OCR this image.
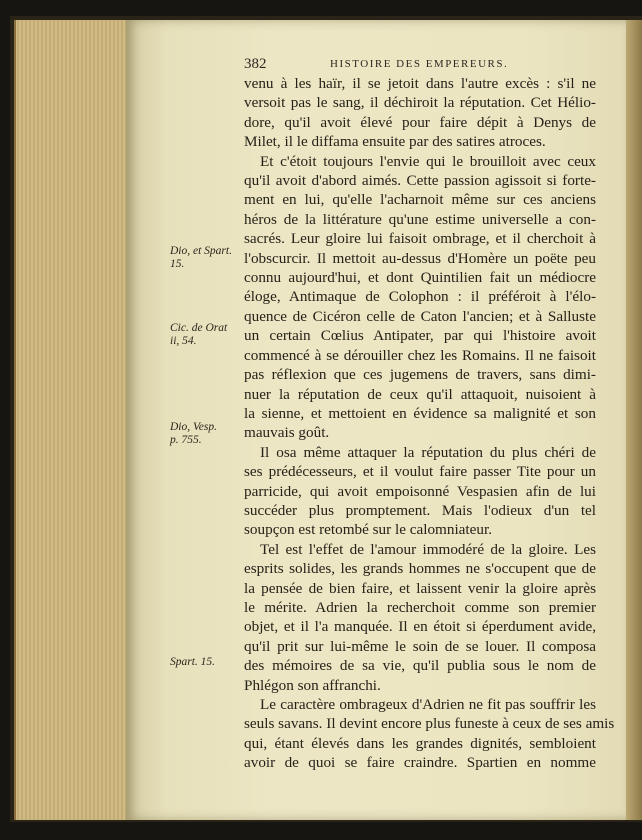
382	HISTOIRE DES EMPEREURS.
Dio, et Spart.
15.
Cic. de Orat
ii, 54.
Dio, Vesp.
p. 755.
Spart. 15.
venu à les haïr, il se jetoit dans l'autre excès : s'il ne
versoit pas le sang, il déchiroit la réputation. Cet Hélio-
dore, qu'il avoit élevé pour faire dépit à Denys de
Milet, il le diffama ensuite par des satires atroces.
Et c'étoit toujours l'envie qui le brouilloit avec ceux
qu'il avoit d'abord aimés. Cette passion agissoit si forte-
ment en lui, qu'elle l'acharnoit même sur ces anciens
héros de la littérature qu'une estime universelle a con-
sacrés. Leur gloire lui faisoit ombrage, et il cherchoit à
l'obscurcir. Il mettoit au-dessus d'Homère un poëte peu
connu aujourd'hui, et dont Quintilien fait un médiocre
éloge, Antimaque de Colophon : il préféroit à l'élo-
quence de Cicéron celle de Caton l'ancien; et à Salluste
un certain Cœlius Antipater, par qui l'histoire avoit
commencé à se dérouiller chez les Romains. Il ne faisoit
pas réflexion que ces jugemens de travers, sans dimi-
nuer la réputation de ceux qu'il attaquoit, nuisoient à
la sienne, et mettoient en évidence sa malignité et son
mauvais goût.
Il osa même attaquer la réputation du plus chéri de
ses prédécesseurs, et il voulut faire passer Tite pour un
parricide, qui avoit empoisonné Vespasien afin de lui
succéder plus promptement. Mais l'odieux d'un tel
soupçon est retombé sur le calomniateur.
Tel est l'effet de l'amour immodéré de la gloire. Les
esprits solides, les grands hommes ne s'occupent que de
la pensée de bien faire, et laissent venir la gloire après
le mérite. Adrien la recherchoit comme son premier
objet, et il l'a manquée. Il en étoit si éperdument avide,
qu'il prit sur lui-même le soin de se louer. Il composa
des mémoires de sa vie, qu'il publia sous le nom de
Phlégon son affranchi.
Le caractère ombrageux d'Adrien ne fit pas souffrir les
seuls savans. Il devint encore plus funeste à ceux de ses amis
qui, étant élevés dans les grandes dignités, sembloient
avoir de quoi se faire craindre. Spartien en nomme
